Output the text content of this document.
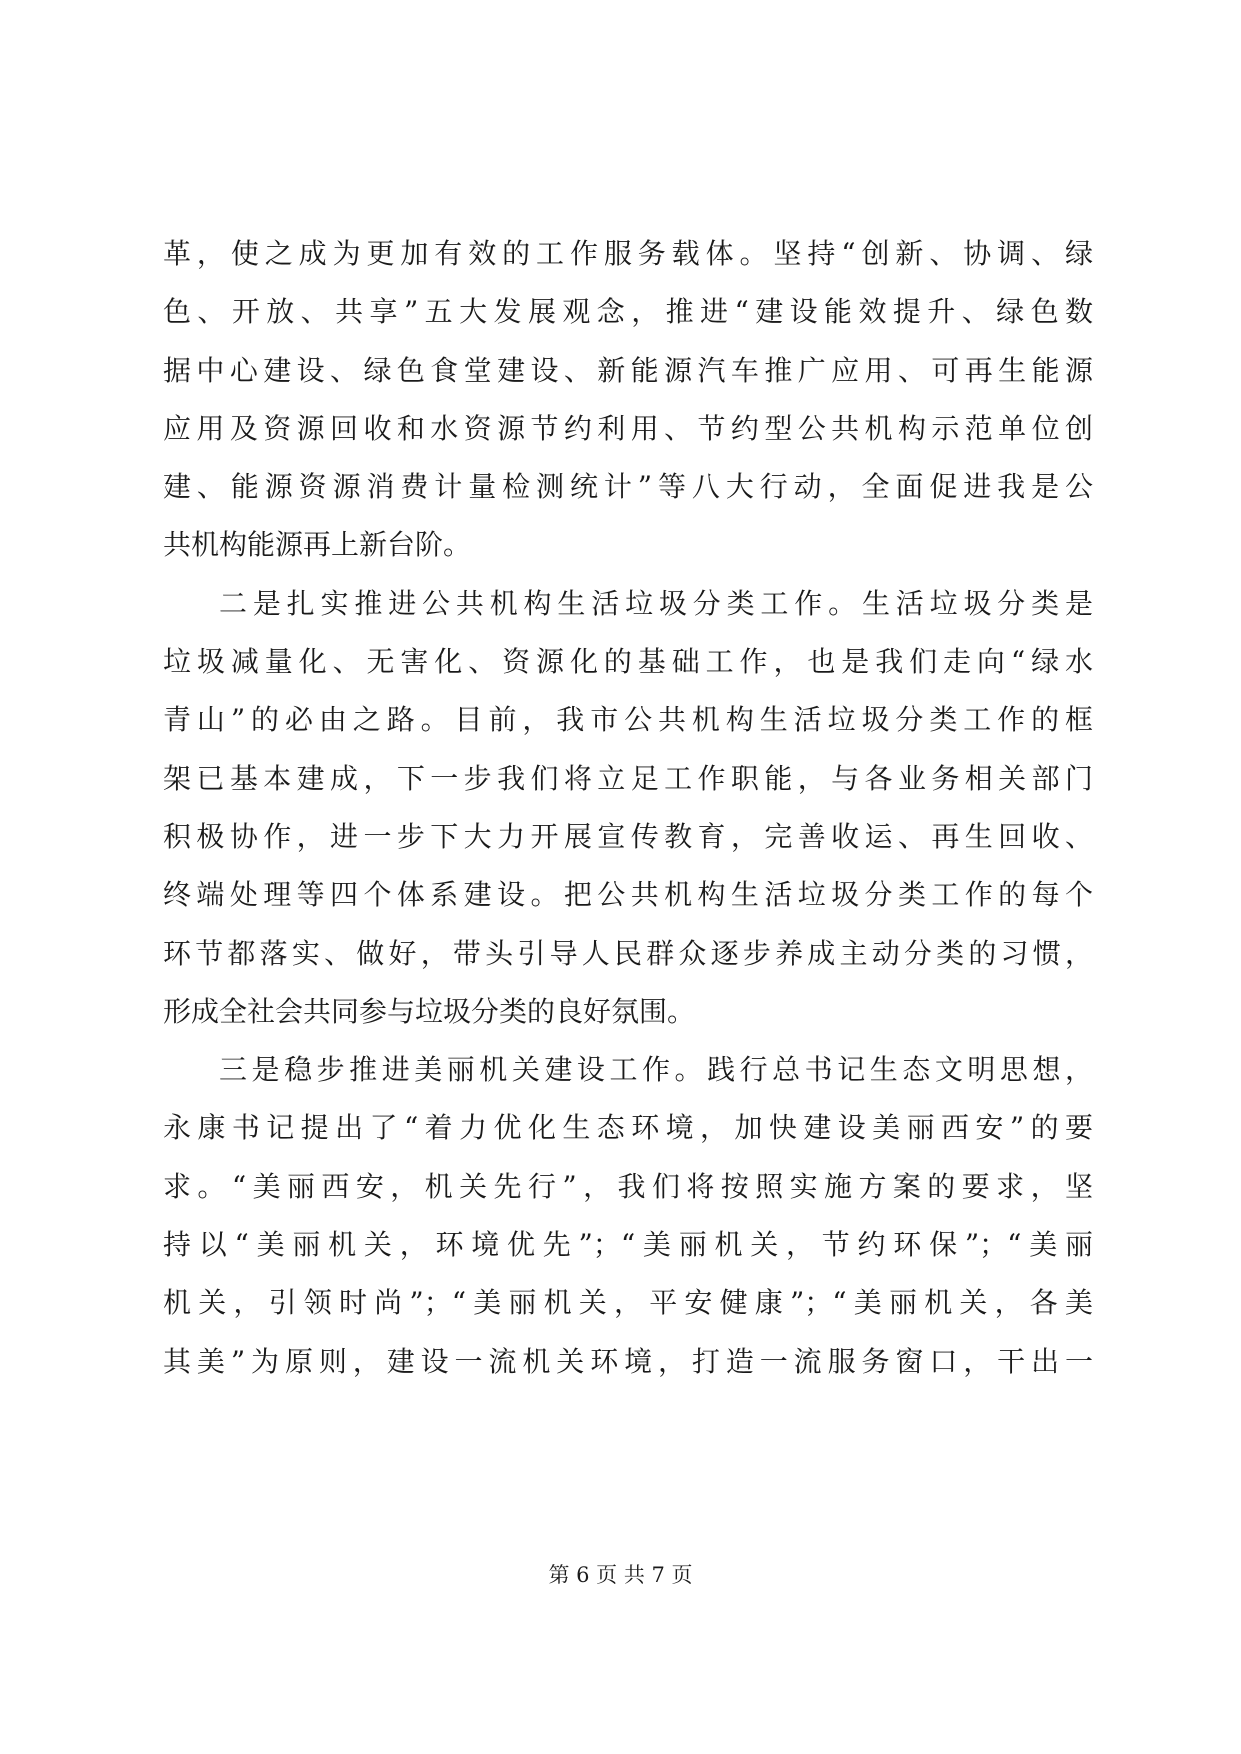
革，使之成为更加有效的工作服务载体。坚持“创新、协调、绿
色、开放、共享”五大发展观念，推进“建设能效提升、绿色数
据中心建设、绿色食堂建设、新能源汽车推广应用、可再生能源
应用及资源回收和水资源节约利用、节约型公共机构示范单位创
建、能源资源消费计量检测统计”等八大行动，全面促进我是公
共机构能源再上新台阶。
二是扎实推进公共机构生活垃圾分类工作。生活垃圾分类是
垃圾减量化、无害化、资源化的基础工作，也是我们走向“绿水
青山”的必由之路。目前，我市公共机构生活垃圾分类工作的框
架已基本建成，下一步我们将立足工作职能，与各业务相关部门
积极协作，进一步下大力开展宣传教育，完善收运、再生回收、
终端处理等四个体系建设。把公共机构生活垃圾分类工作的每个
环节都落实、做好，带头引导人民群众逐步养成主动分类的习惯，
形成全社会共同参与垃圾分类的良好氛围。
三是稳步推进美丽机关建设工作。践行总书记生态文明思想，
永康书记提出了“着力优化生态环境，加快建设美丽西安”的要
求。“美丽西安，机关先行”，我们将按照实施方案的要求，坚
持以“美丽机关，环境优先”；“美丽机关，节约环保”；“美丽
机关，引领时尚”；“美丽机关，平安健康”；“美丽机关，各美
其美”为原则，建设一流机关环境，打造一流服务窗口，干出一
第 6 页 共 7 页
